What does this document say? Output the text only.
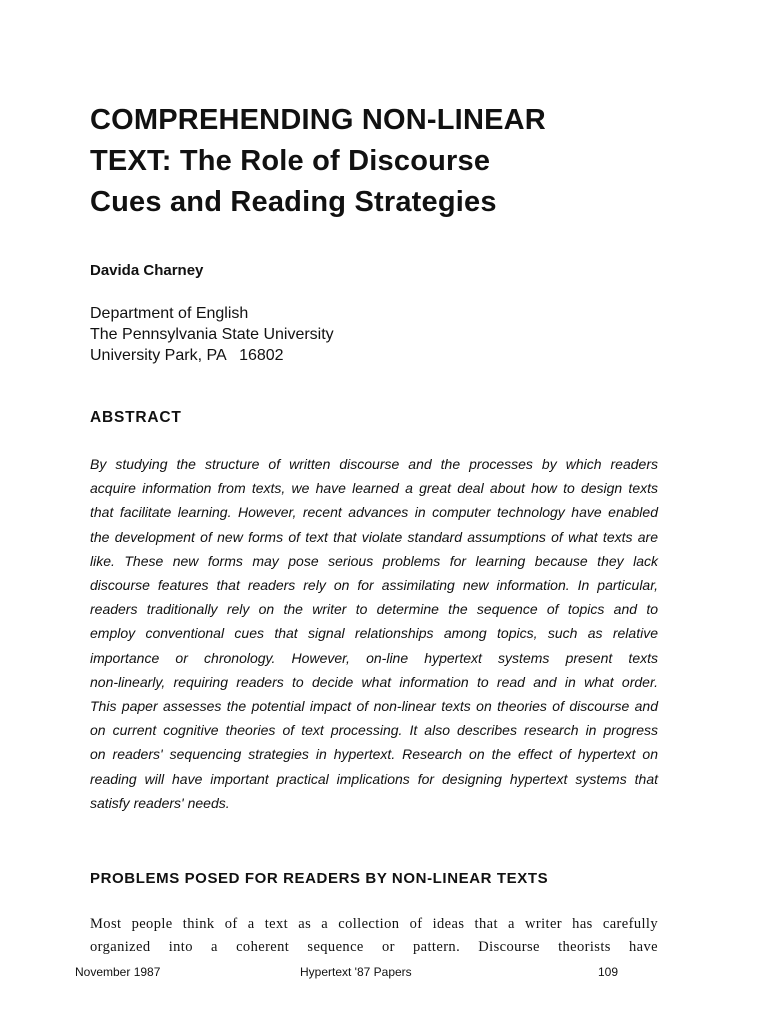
COMPREHENDING NON-LINEAR
TEXT: The Role of Discourse
Cues and Reading Strategies

Davida Charney

Department of English
The Pennsylvania State University
University Park, PA   16802
ABSTRACT
By studying the structure of written discourse and the processes by which readers
acquire information from texts, we have learned a great deal about how to design texts
that facilitate learning. However, recent advances in computer technology have enabled
the development of new forms of text that violate standard assumptions of what texts are
like. These new forms may pose serious problems for learning because they lack
discourse features that readers rely on for assimilating new information. In particular,
readers traditionally rely on the writer to determine the sequence of topics and to
employ conventional cues that signal relationships among topics, such as relative
importance or chronology. However, on-line hypertext systems present texts
non-linearly, requiring readers to decide what information to read and in what order.
This paper assesses the potential impact of non-linear texts on theories of discourse and
on current cognitive theories of text processing. It also describes research in progress
on readers' sequencing strategies in hypertext. Research on the effect of hypertext on
reading will have important practical implications for designing hypertext systems that
satisfy readers' needs.
PROBLEMS POSED FOR READERS BY NON-LINEAR TEXTS
Most people think of a text as a collection of ideas that a writer has carefully
organized into a coherent sequence or pattern. Discourse theorists have

November 1987	Hypertext '87 Papers	109
